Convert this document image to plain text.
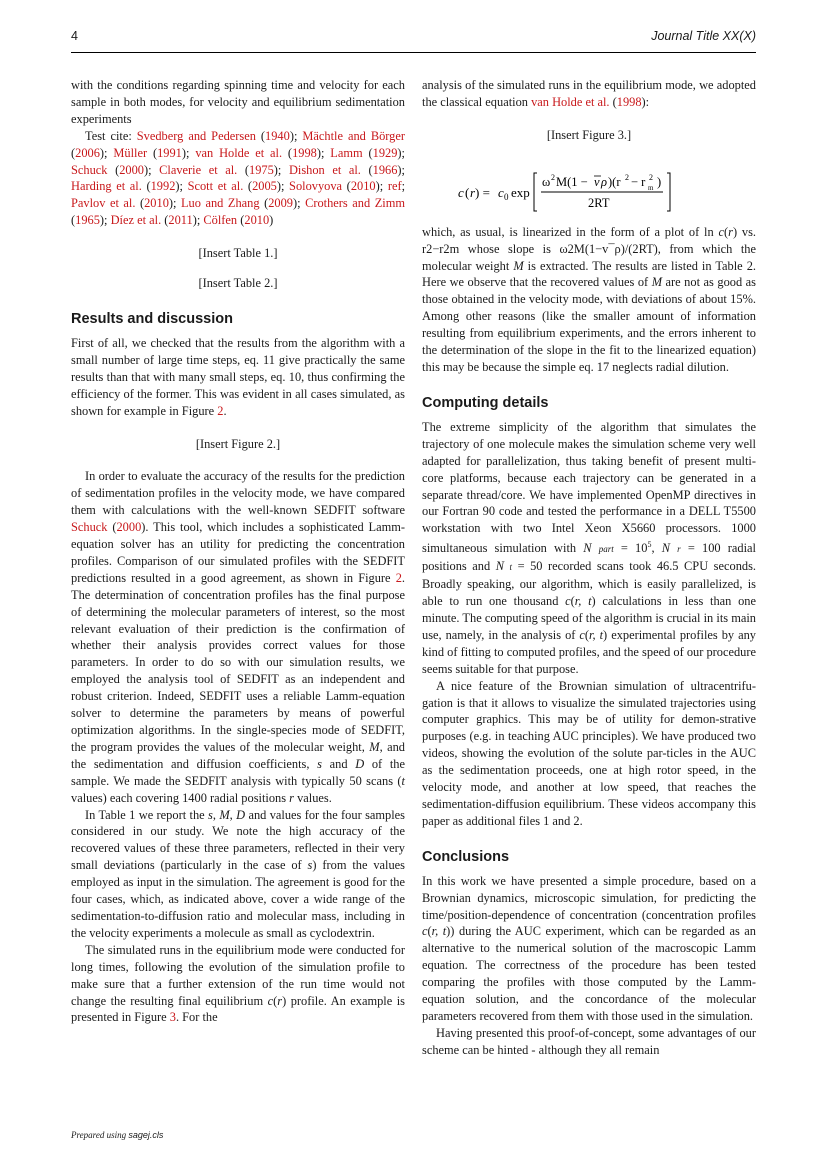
4	Journal Title XX(X)

with the conditions regarding spinning time and velocity for each sample in both modes, for velocity and equilibrium sedimentation experiments

Test cite: Svedberg and Pedersen (1940); Mächtle and Börger (2006); Müller (1991); van Holde et al. (1998); Lamm (1929); Schuck (2000); Claverie et al. (1975); Dishon et al. (1966); Harding et al. (1992); Scott et al. (2005); Solovyova (2010); ref; Pavlov et al. (2010); Luo and Zhang (2009); Crothers and Zimm (1965); Díez et al. (2011); Cölfen (2010)

[Insert Table 1.]

[Insert Table 2.]

Results and discussion

First of all, we checked that the results from the algorithm with a small number of large time steps, eq. 11 give practically the same results than that with many small steps, eq. 10, thus confirming the efficiency of the former. This was evident in all cases simulated, as shown for example in Figure 2.

[Insert Figure 2.]

In order to evaluate the accuracy of the results for the prediction of sedimentation profiles in the velocity mode, we have compared them with calculations with the well-known SEDFIT software Schuck (2000). This tool, which includes a sophisticated Lamm-equation solver has an utility for predicting the concentration profiles. Comparison of our simulated profiles with the SEDFIT predictions resulted in a good agreement, as shown in Figure 2. The determination of concentration profiles has the final purpose of determining the molecular parameters of interest, so the most relevant evaluation of their prediction is the confirmation of whether their analysis provides correct values for those parameters. In order to do so with our simulation results, we employed the analysis tool of SEDFIT as an independent and robust criterion. Indeed, SEDFIT uses a reliable Lamm-equation solver to determine the parameters by means of powerful optimization algorithms. In the single-species mode of SEDFIT, the program provides the values of the molecular weight, M, and the sedimentation and diffusion coefficients, s and D of the sample. We made the SEDFIT analysis with typically 50 scans (t values) each covering 1400 radial positions r values.

In Table 1 we report the s, M, D and values for the four samples considered in our study. We note the high accuracy of the recovered values of these three parameters, reflected in their very small deviations (particularly in the case of s) from the values employed as input in the simulation. The agreement is good for the four cases, which, as indicated above, cover a wide range of the sedimentation-to-diffusion ratio and molecular mass, including in the velocity experiments a molecule as small as cyclodextrin.

The simulated runs in the equilibrium mode were conducted for long times, following the evolution of the simulation profile to make sure that a further extension of the run time would not change the resulting final equilibrium c(r) profile. An example is presented in Figure 3. For the

analysis of the simulated runs in the equilibrium mode, we adopted the classical equation van Holde et al. (1998):

[Insert Figure 3.]

c ( r ) = c 0 exp
ω 2 M(1 − v ρ )(r 2 − r 2
m )
2RT

which, as usual, is linearized in the form of a plot of ln c(r) vs. r2−r2m whose slope is ω2M(1−v¯ρ)/(2RT), from which the molecular weight M is extracted. The results are listed in Table 2. Here we observe that the recovered values of M are not as good as those obtained in the velocity mode, with deviations of about 15%. Among other reasons (like the smaller amount of information resulting from equilibrium experiments, and the errors inherent to the determination of the slope in the fit to the linearized equation) this may be because the simple eq. 17 neglects radial dilution.

Computing details

The extreme simplicity of the algorithm that simulates the trajectory of one molecule makes the simulation scheme very well adapted for parallelization, thus taking benefit of present multi-core platforms, because each trajectory can be generated in a separate thread/core. We have implemented OpenMP directives in our Fortran 90 code and tested the performance in a DELL T5500 workstation with two Intel Xeon X5660 processors. 1000 simultaneous simulation with N part = $10^5$, N r = 100 radial positions and N t = 50 recorded scans took 46.5 CPU seconds. Broadly speaking, our algorithm, which is easily parallelized, is able to run one thousand c(r, t) calculations in less than one minute. The computing speed of the algorithm is crucial in its main use, namely, in the analysis of c(r, t) experimental profiles by any kind of fitting to computed profiles, and the speed of our procedure seems suitable for that purpose.

A nice feature of the Brownian simulation of ultracentrifu-gation is that it allows to visualize the simulated trajectories using computer graphics. This may be of utility for demon-strative purposes (e.g. in teaching AUC principles). We have produced two videos, showing the evolution of the solute par-ticles in the AUC as the sedimentation proceeds, one at high rotor speed, in the velocity mode, and another at low speed, that reaches the sedimentation-diffusion equilibrium. These videos accompany this paper as additional files 1 and 2.

Conclusions

In this work we have presented a simple procedure, based on a Brownian dynamics, microscopic simulation, for predicting the time/position-dependence of concentration (concentration profiles c(r, t)) during the AUC experiment, which can be regarded as an alternative to the numerical solution of the macroscopic Lamm equation. The correctness of the procedure has been tested comparing the profiles with those computed by the Lamm-equation solution, and the concordance of the molecular parameters recovered from them with those used in the simulation.

Having presented this proof-of-concept, some advantages of our scheme can be hinted - although they all remain

Prepared using sagej.cls
